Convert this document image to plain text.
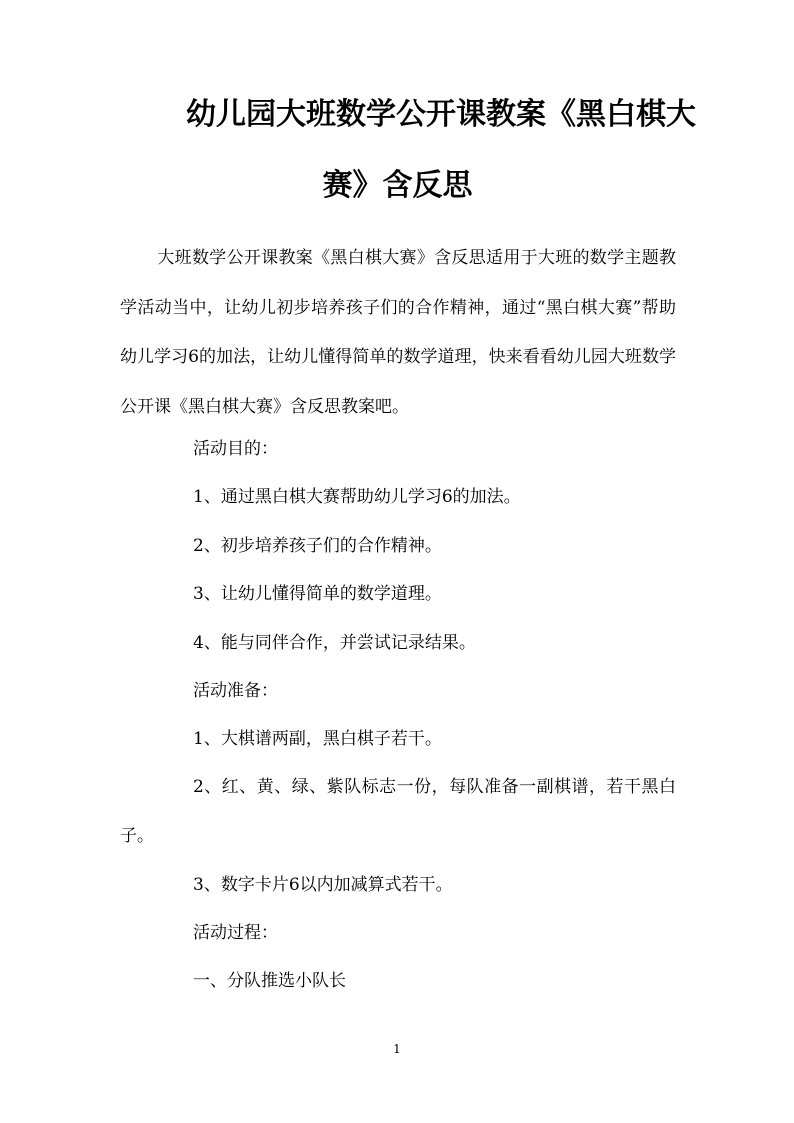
幼儿园大班数学公开课教案《黑白棋大
赛》含反思

大班数学公开课教案《黑白棋大赛》含反思适用于大班的数学主题教学活动当中，让幼儿初步培养孩子们的合作精神，通过“黑白棋大赛”帮助幼儿学习6的加法，让幼儿懂得简单的数学道理，快来看看幼儿园大班数学公开课《黑白棋大赛》含反思教案吧。

活动目的：

1、通过黑白棋大赛帮助幼儿学习6的加法。

2、初步培养孩子们的合作精神。

3、让幼儿懂得简单的数学道理。

4、能与同伴合作，并尝试记录结果。

活动准备：

1、大棋谱两副，黑白棋子若干。

2、红、黄、绿、紫队标志一份，每队准备一副棋谱，若干黑白子。

3、数字卡片6以内加减算式若干。

活动过程：

一、分队推选小队长

1
